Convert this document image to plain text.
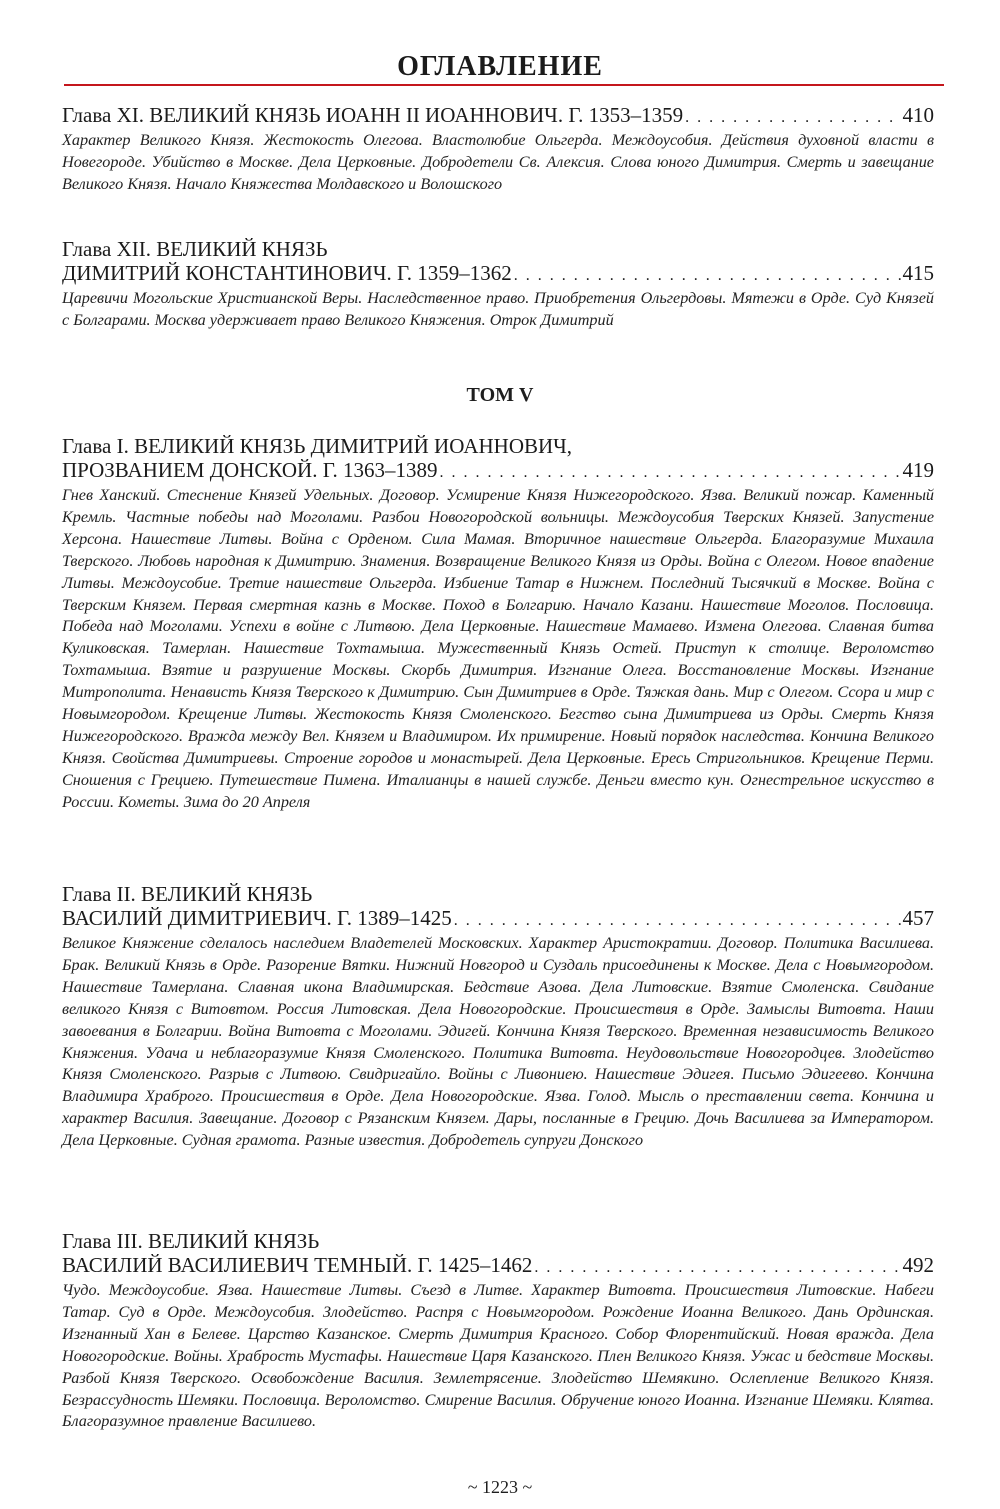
ОГЛАВЛЕНИЕ
Глава XI. ВЕЛИКИЙ КНЯЗЬ ИОАНН II ИОАННОВИЧ. Г. 1353–1359 . . .	410

Характер Великого Князя. Жестокость Олегова. Властолюбие Ольгерда. Междоусобия. Действия духовной власти в Новегороде. Убийство в Москве. Дела Церковные. Добродетели Св. Алексия. Слова юного Димитрия. Смерть и завещание Великого Князя. Начало Княжества Молдавского и Волошского

Глава XII. ВЕЛИКИЙ КНЯЗЬ
ДИМИТРИЙ КОНСТАНТИНОВИЧ. Г. 1359–1362 . . .	415

Царевичи Могольские Христианской Веры. Наследственное право. Приобретения Ольгердовы. Мятежи в Орде. Суд Князей с Болгарами. Москва удерживает право Великого Княжения. Отрок Димитрий

ТОМ V
Глава I. ВЕЛИКИЙ КНЯЗЬ ДИМИТРИЙ ИОАННОВИЧ,
ПРОЗВАНИЕМ ДОНСКОЙ. Г. 1363–1389 . . .	419

Гнев Ханский. Стеснение Князей Удельных. Договор. Усмирение Князя Нижегородского. Язва. Великий пожар. Каменный Кремль. Частные победы над Моголами. Разбои Новогородской вольницы. Междоусобия Тверских Князей. Запустение Херсона. Нашествие Литвы. Война с Орденом. Сила Мамая. Вторичное нашествие Ольгерда. Благоразумие Михаила Тверского. Любовь народная к Димитрию. Знамения. Возвращение Великого Князя из Орды. Война с Олегом. Новое впадение Литвы. Междоусобие. Третие нашествие Ольгерда. Избиение Татар в Нижнем. Последний Тысячкий в Москве. Война с Тверским Князем. Первая смертная казнь в Москве. Поход в Болгарию. Начало Казани. Нашествие Моголов. Пословица. Победа над Моголами. Успехи в войне с Литвою. Дела Церковные. Нашествие Мамаево. Измена Олегова. Славная битва Куликовская. Тамерлан. Нашествие Тохтамыша. Мужественный Князь Остей. Приступ к столице. Вероломство Тохтамыша. Взятие и разрушение Москвы. Скорбь Димитрия. Изгнание Олега. Восстановление Москвы. Изгнание Митрополита. Ненависть Князя Тверского к Димитрию. Сын Димитриев в Орде. Тяжкая дань. Мир с Олегом. Ссора и мир с Новымгородом. Крещение Литвы. Жестокость Князя Смоленского. Бегство сына Димитриева из Орды. Смерть Князя Нижегородского. Вражда между Вел. Князем и Владимиром. Их примирение. Новый порядок наследства. Кончина Великого Князя. Свойства Димитриевы. Строение городов и монастырей. Дела Церковные. Ересь Стригольников. Крещение Перми. Сношения с Грециею. Путешествие Пимена. Италианцы в нашей службе. Деньги вместо кун. Огнестрельное искусство в России. Кометы. Зима до 20 Апреля

Глава II. ВЕЛИКИЙ КНЯЗЬ
ВАСИЛИЙ ДИМИТРИЕВИЧ. Г. 1389–1425 . . .	457

Великое Княжение сделалось наследием Владетелей Московских. Характер Аристократии. Договор. Политика Василиева. Брак. Великий Князь в Орде. Разорение Вятки. Нижний Новгород и Суздаль присоединены к Москве. Дела с Новымгородом. Нашествие Тамерлана. Славная икона Владимирская. Бедствие Азова. Дела Литовские. Взятие Смоленска. Свидание великого Князя с Витовтом. Россия Литовская. Дела Новогородские. Происшествия в Орде. Замыслы Витовта. Наши завоевания в Болгарии. Война Витовта с Моголами. Эдигей. Кончина Князя Тверского. Временная независимость Великого Княжения. Удача и неблагоразумие Князя Смоленского. Политика Витовта. Неудовольствие Новогородцев. Злодейство Князя Смоленского. Разрыв с Литвою. Свидригайло. Войны с Ливониею. Нашествие Эдигея. Письмо Эдигеево. Кончина Владимира Храброго. Происшествия в Орде. Дела Новогородские. Язва. Голод. Мысль о преставлении света. Кончина и характер Василия. Завещание. Договор с Рязанским Князем. Дары, посланные в Грецию. Дочь Василиева за Императором. Дела Церковные. Судная грамота. Разные известия. Добродетель супруги Донского

Глава III. ВЕЛИКИЙ КНЯЗЬ
ВАСИЛИЙ ВАСИЛИЕВИЧ ТЕМНЫЙ. Г. 1425–1462 . . .	492

Чудо. Междоусобие. Язва. Нашествие Литвы. Съезд в Литве. Характер Витовта. Происшествия Литовские. Набеги Татар. Суд в Орде. Междоусобия. Злодейство. Распря с Новымгородом. Рождение Иоанна Великого. Дань Ординская. Изгнанный Хан в Белеве. Царство Казанское. Смерть Димитрия Красного. Собор Флорентийский. Новая вражда. Дела Новогородские. Войны. Храбрость Мустафы. Нашествие Царя Казанского. Плен Великого Князя. Ужас и бедствие Москвы. Разбой Князя Тверского. Освобождение Василия. Землетрясение. Злодейство Шемякино. Ослепление Великого Князя. Безрассудность Шемяки. Пословица. Вероломство. Смирение Василия. Обручение юного Иоанна. Изгнание Шемяки. Клятва. Благоразумное правление Василиево.

~ 1223 ~
